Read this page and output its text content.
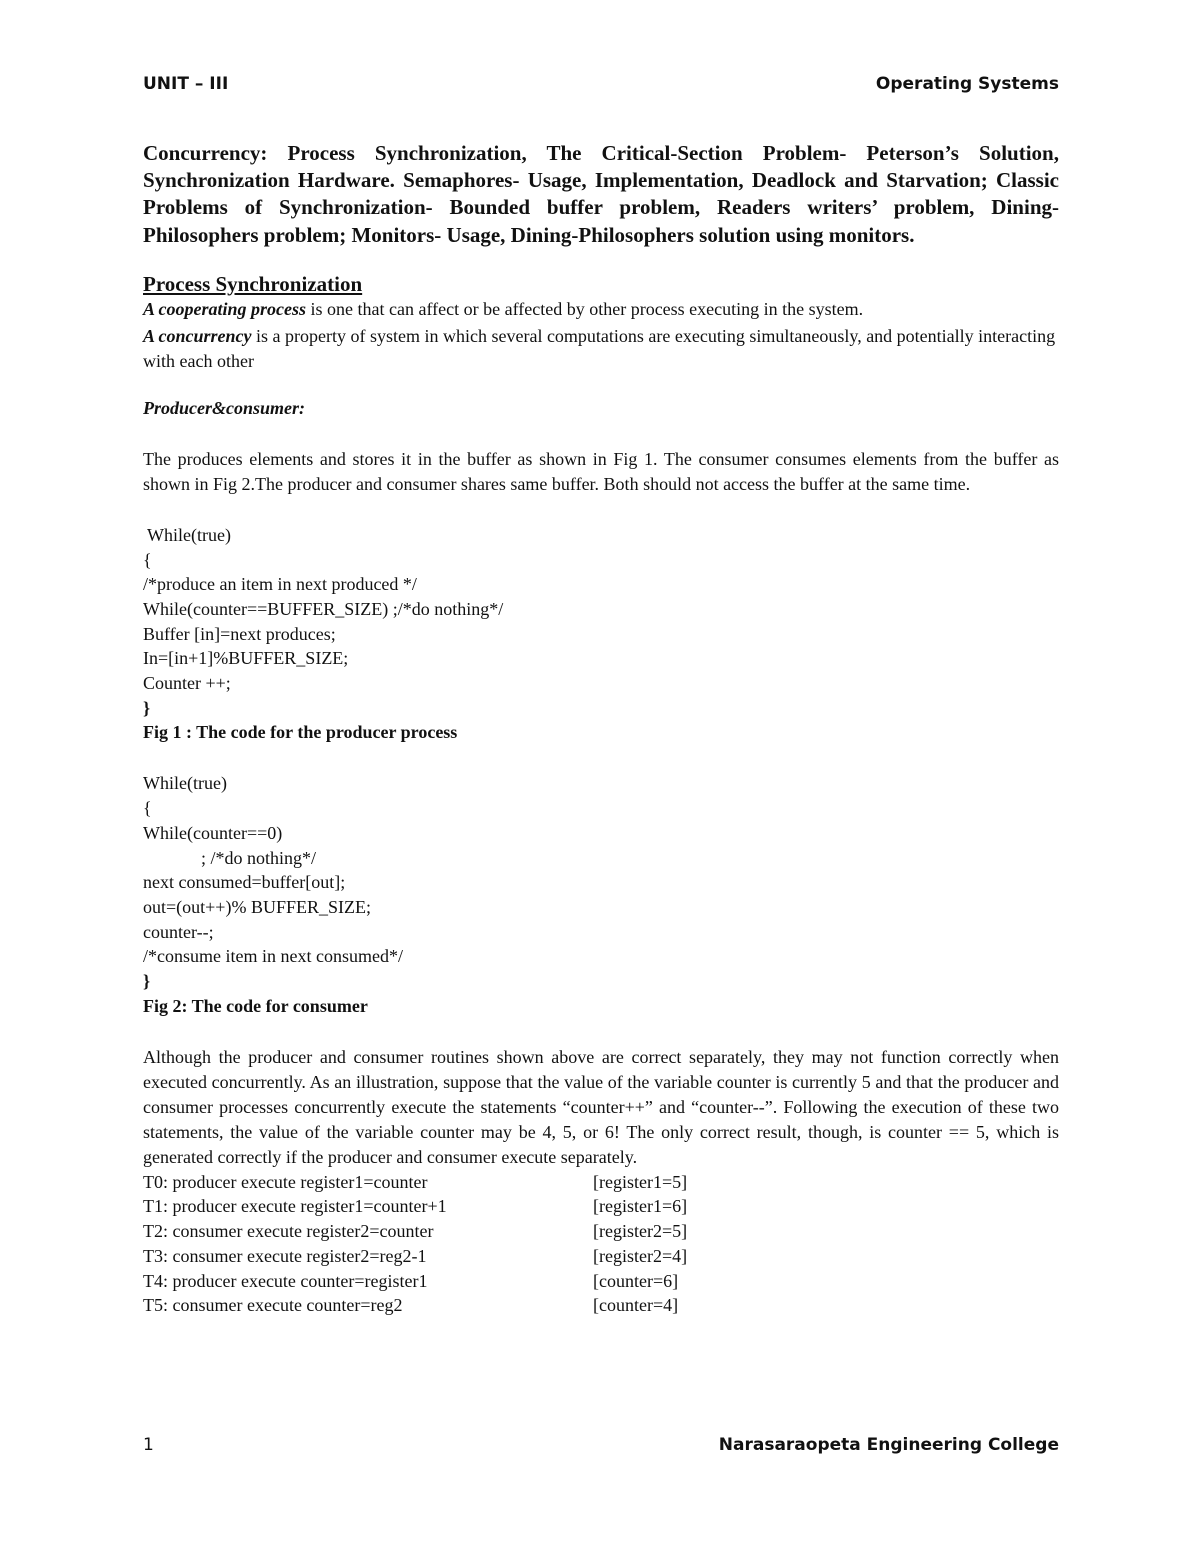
UNIT – III	Operating Systems

Concurrency: Process Synchronization, The Critical-Section Problem- Peterson’s Solution, Synchronization Hardware. Semaphores- Usage, Implementation, Deadlock and Starvation; Classic Problems of Synchronization- Bounded buffer problem, Readers writers’ problem, Dining-Philosophers problem; Monitors- Usage, Dining-Philosophers solution using monitors.

Process Synchronization

A cooperating process is one that can affect or be affected by other process executing in the system.

A concurrency is a property of system in which several computations are executing simultaneously, and potentially interacting with each other

Producer&consumer:

The produces elements and stores it in the buffer as shown in Fig 1. The consumer consumes elements from the buffer as shown in Fig 2.The producer and consumer shares same buffer. Both should not access the buffer at the same time.

While(true)

{

/*produce an item in next produced */

While(counter==BUFFER_SIZE) ;/*do nothing*/

Buffer [in]=next produces;

In=[in+1]%BUFFER_SIZE;

Counter ++;

}

Fig 1 : The code for the producer process

While(true)

{

While(counter==0)

; /*do nothing*/

next consumed=buffer[out];

out=(out++)% BUFFER_SIZE;

counter--;

/*consume item in next consumed*/

}

Fig 2: The code for consumer

Although the producer and consumer routines shown above are correct separately, they may not function correctly when executed concurrently. As an illustration, suppose that the value of the variable counter is currently 5 and that the producer and consumer processes concurrently execute the statements “counter++” and “counter--”. Following the execution of these two statements, the value of the variable counter may be 4, 5, or 6! The only correct result, though, is counter == 5, which is generated correctly if the producer and consumer execute separately.

T0: producer execute register1=counter	[register1=5]
T1: producer execute register1=counter+1	[register1=6]
T2: consumer execute register2=counter	[register2=5]
T3: consumer execute register2=reg2-1	[register2=4]
T4: producer execute counter=register1	[counter=6]
T5: consumer execute counter=reg2	[counter=4]
1	Narasaraopeta Engineering College
